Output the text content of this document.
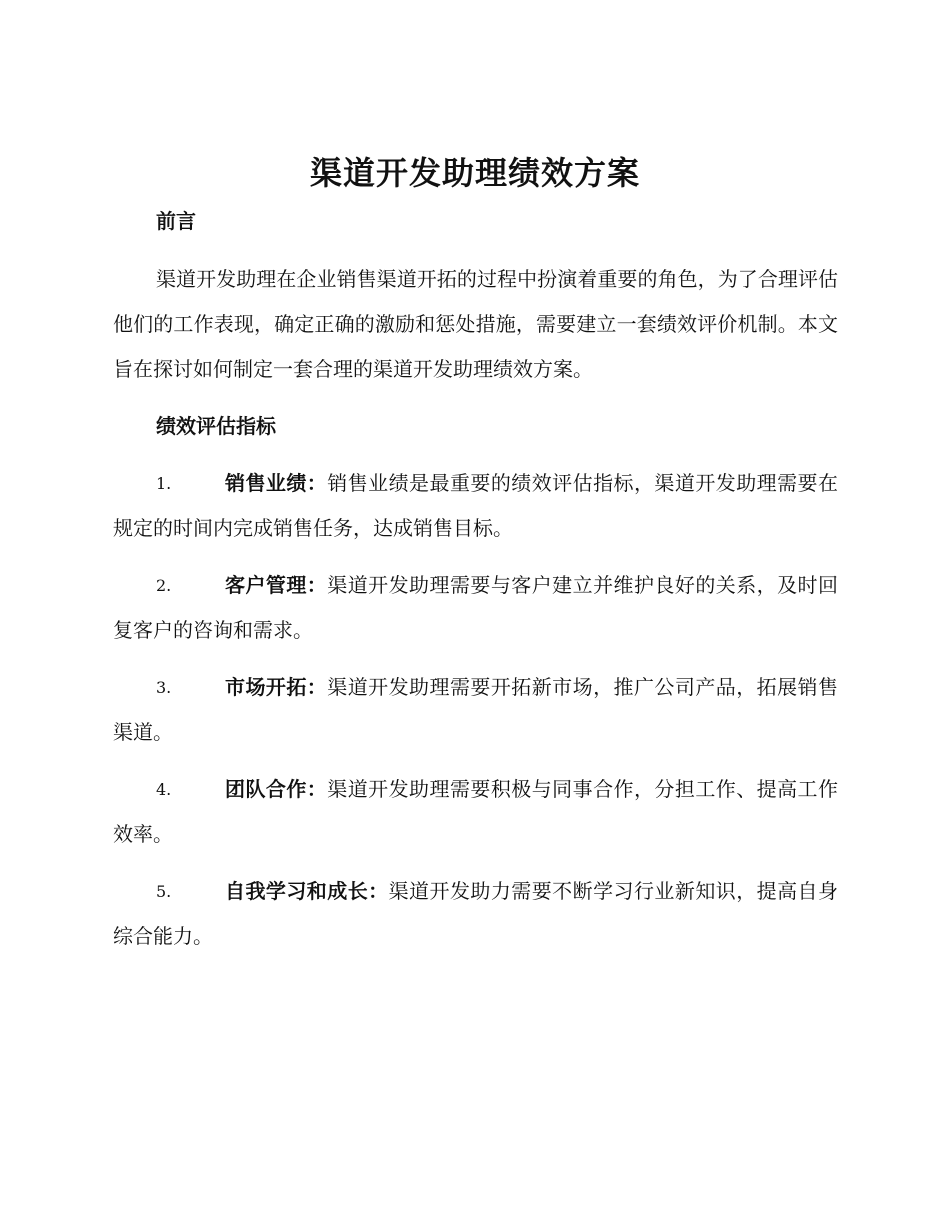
渠道开发助理绩效方案
前言

渠道开发助理在企业销售渠道开拓的过程中扮演着重要的角色，为了合理评估他们的工作表现，确定正确的激励和惩处措施，需要建立一套绩效评价机制。本文旨在探讨如何制定一套合理的渠道开发助理绩效方案。

绩效评估指标
1.	销售业绩：销售业绩是最重要的绩效评估指标，渠道开发助理需要在规定的时间内完成销售任务，达成销售目标。
2.	客户管理：渠道开发助理需要与客户建立并维护良好的关系，及时回复客户的咨询和需求。
3.	市场开拓：渠道开发助理需要开拓新市场，推广公司产品，拓展销售渠道。
4.	团队合作：渠道开发助理需要积极与同事合作，分担工作、提高工作效率。
5.	自我学习和成长：渠道开发助力需要不断学习行业新知识，提高自身综合能力。
